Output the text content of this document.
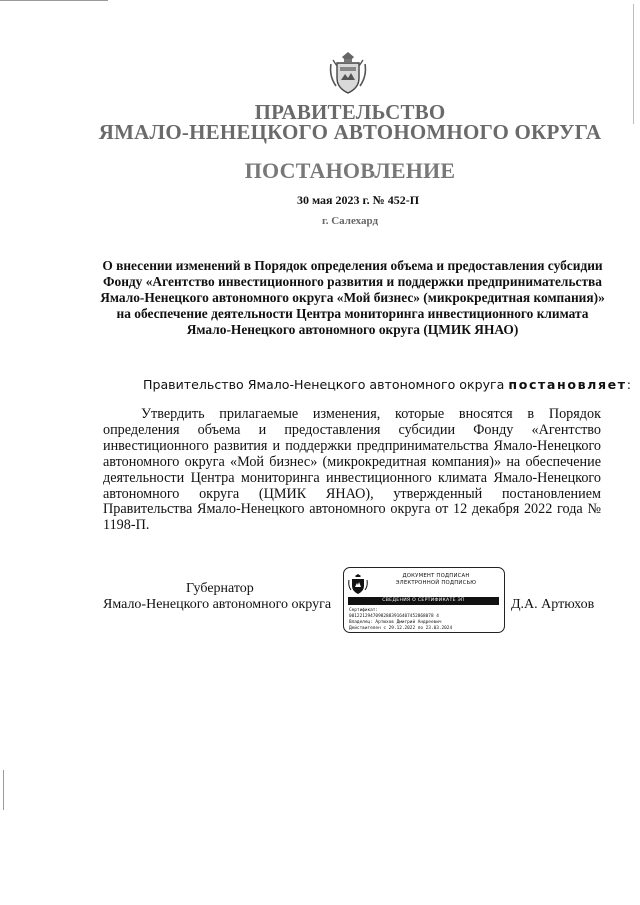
ПРАВИТЕЛЬСТВО
ЯМАЛО-НЕНЕЦКОГО АВТОНОМНОГО ОКРУГА
ПОСТАНОВЛЕНИЕ
30 мая 2023 г. № 452-П
г. Салехард
О внесении изменений в Порядок определения объема и предоставления субсидии Фонду «Агентство инвестиционного развития и поддержки предпринимательства Ямало-Ненецкого автономного округа «Мой бизнес» (микрокредитная компания)» на обеспечение деятельности Центра мониторинга инвестиционного климата Ямало-Ненецкого автономного округа (ЦМИК ЯНАО)
Правительство Ямало-Ненецкого автономного округа постановляет:
Утвердить прилагаемые изменения, которые вносятся в Порядок определения объема и предоставления субсидии Фонду «Агентство инвестиционного развития и поддержки предпринимательства Ямало-Ненецкого автономного округа «Мой бизнес» (микрокредитная компания)» на обеспечение деятельности Центра мониторинга инвестиционного климата Ямало-Ненецкого автономного округа (ЦМИК ЯНАО), утвержденный постановлением Правительства Ямало-Ненецкого автономного округа от 12 декабря 2022 года № 1198-П.
Губернатор
Ямало-Ненецкого автономного округа	Д.А. Артюхов
ДОКУМЕНТ ПОДПИСАН
ЭЛЕКТРОННОЙ ПОДПИСЬЮ
СВЕДЕНИЯ О СЕРТИФИКАТЕ ЭП
Сертификат:
00122129470982883916407452868078 4
Владелец: Артюхов Дмитрий Андреевич
Действителен с 29.12.2022 по 23.03.2024
